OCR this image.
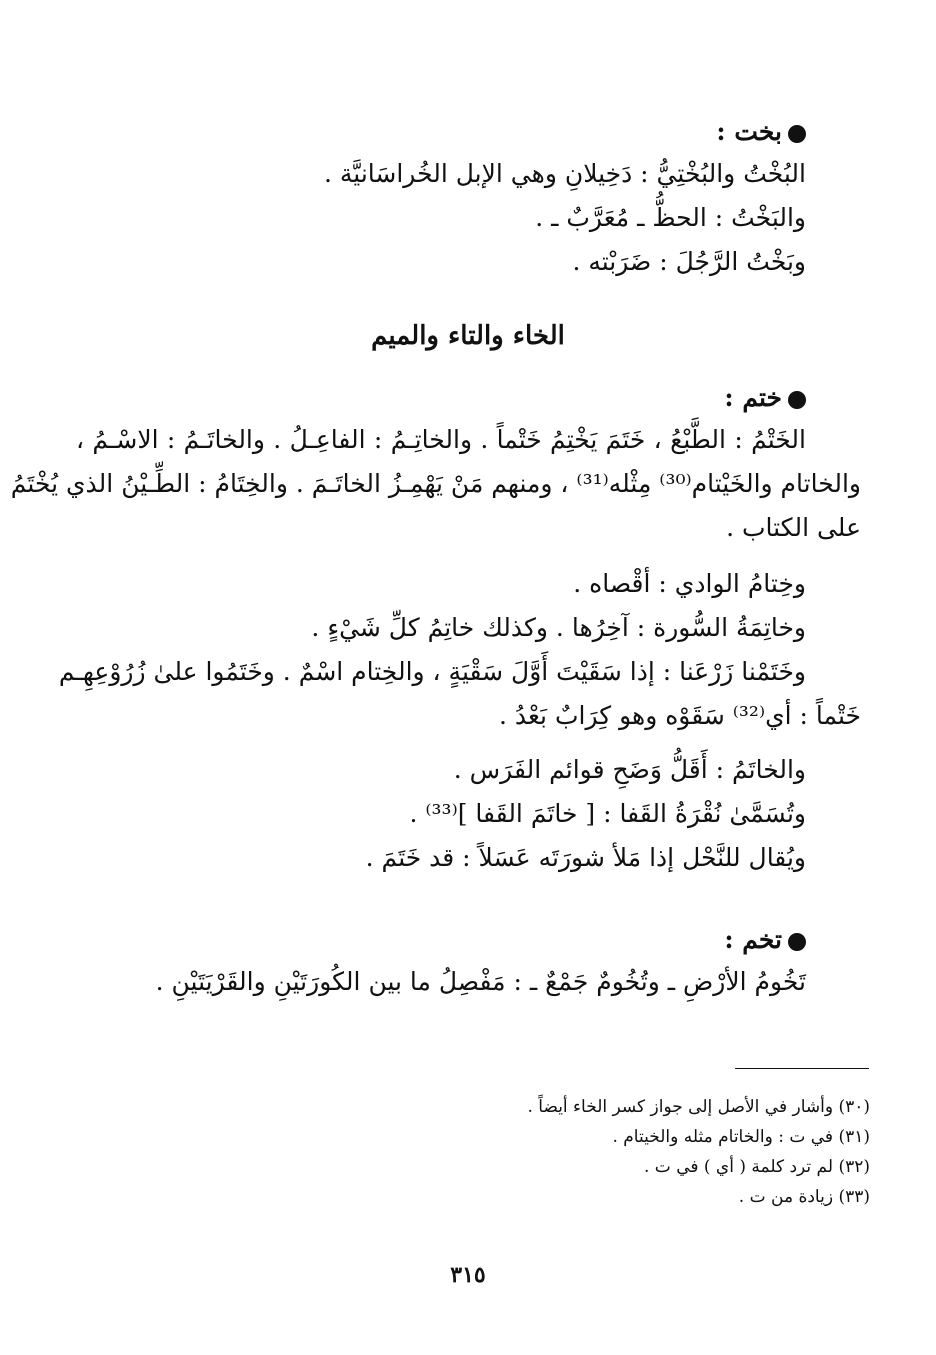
بخت :
البُخْتُ والبُخْتِيُّ : دَخِيلانِ وهي الإبل الخُراسَانيَّة .
والبَخْتُ : الحظُّ ـ مُعَرَّبٌ ـ .
وبَخْتُ الرَّجُلَ : ضَرَبْته .
الخاء والتاء والميم
ختم :
الخَتْمُ : الطَّبْعُ ، خَتَمَ يَخْتِمُ خَتْماً . والخاتِـمُ : الفاعِـلُ . والخاتَـمُ : الاسْـمُ ،
والخاتام والخَيْتام⁽³⁰⁾ مِثْله⁽³¹⁾ ، ومنهم مَنْ يَهْمِـزُ الخاتَـمَ . والخِتَامُ : الطِّـيْنُ الذي يُخْتَمُ
على الكتاب .
وخِتامُ الوادي : أقْصاه .
وخاتِمَةُ السُّورة : آخِرُها . وكذلك خاتِمُ كلِّ شَيْءٍ .
وخَتَمْنا زَرْعَنا : إذا سَقَيْتَ أَوَّلَ سَقْيَةٍ ، والخِتام اسْمٌ . وخَتَمُوا علىٰ زُرُوْعِهِـم
خَتْماً : أي⁽³²⁾ سَقَوْه وهو كِرَابٌ بَعْدُ .
والخاتَمُ : أَقَلُّ وَضَحِ قوائم الفَرَس .
وتُسَمَّىٰ نُقْرَةُ القَفا : [ خاتَمَ القَفا ]⁽³³⁾ .
ويُقال للنَّحْل إذا مَلأ شورَتَه عَسَلاً : قد خَتَمَ .
تخم :
تَخُومُ الأرْضِ ـ وتُخُومٌ جَمْعٌ ـ : مَفْصِلُ ما بين الكُورَتَيْنِ والقَرْيَتَيْنِ .
(٣٠) وأشار في الأصل إلى جواز كسر الخاء أيضاً .
(٣١) في ت : والخاتام مثله والخيتام .
(٣٢) لم ترد كلمة ( أي ) في ت .
(٣٣) زيادة من ت .
٣١٥
